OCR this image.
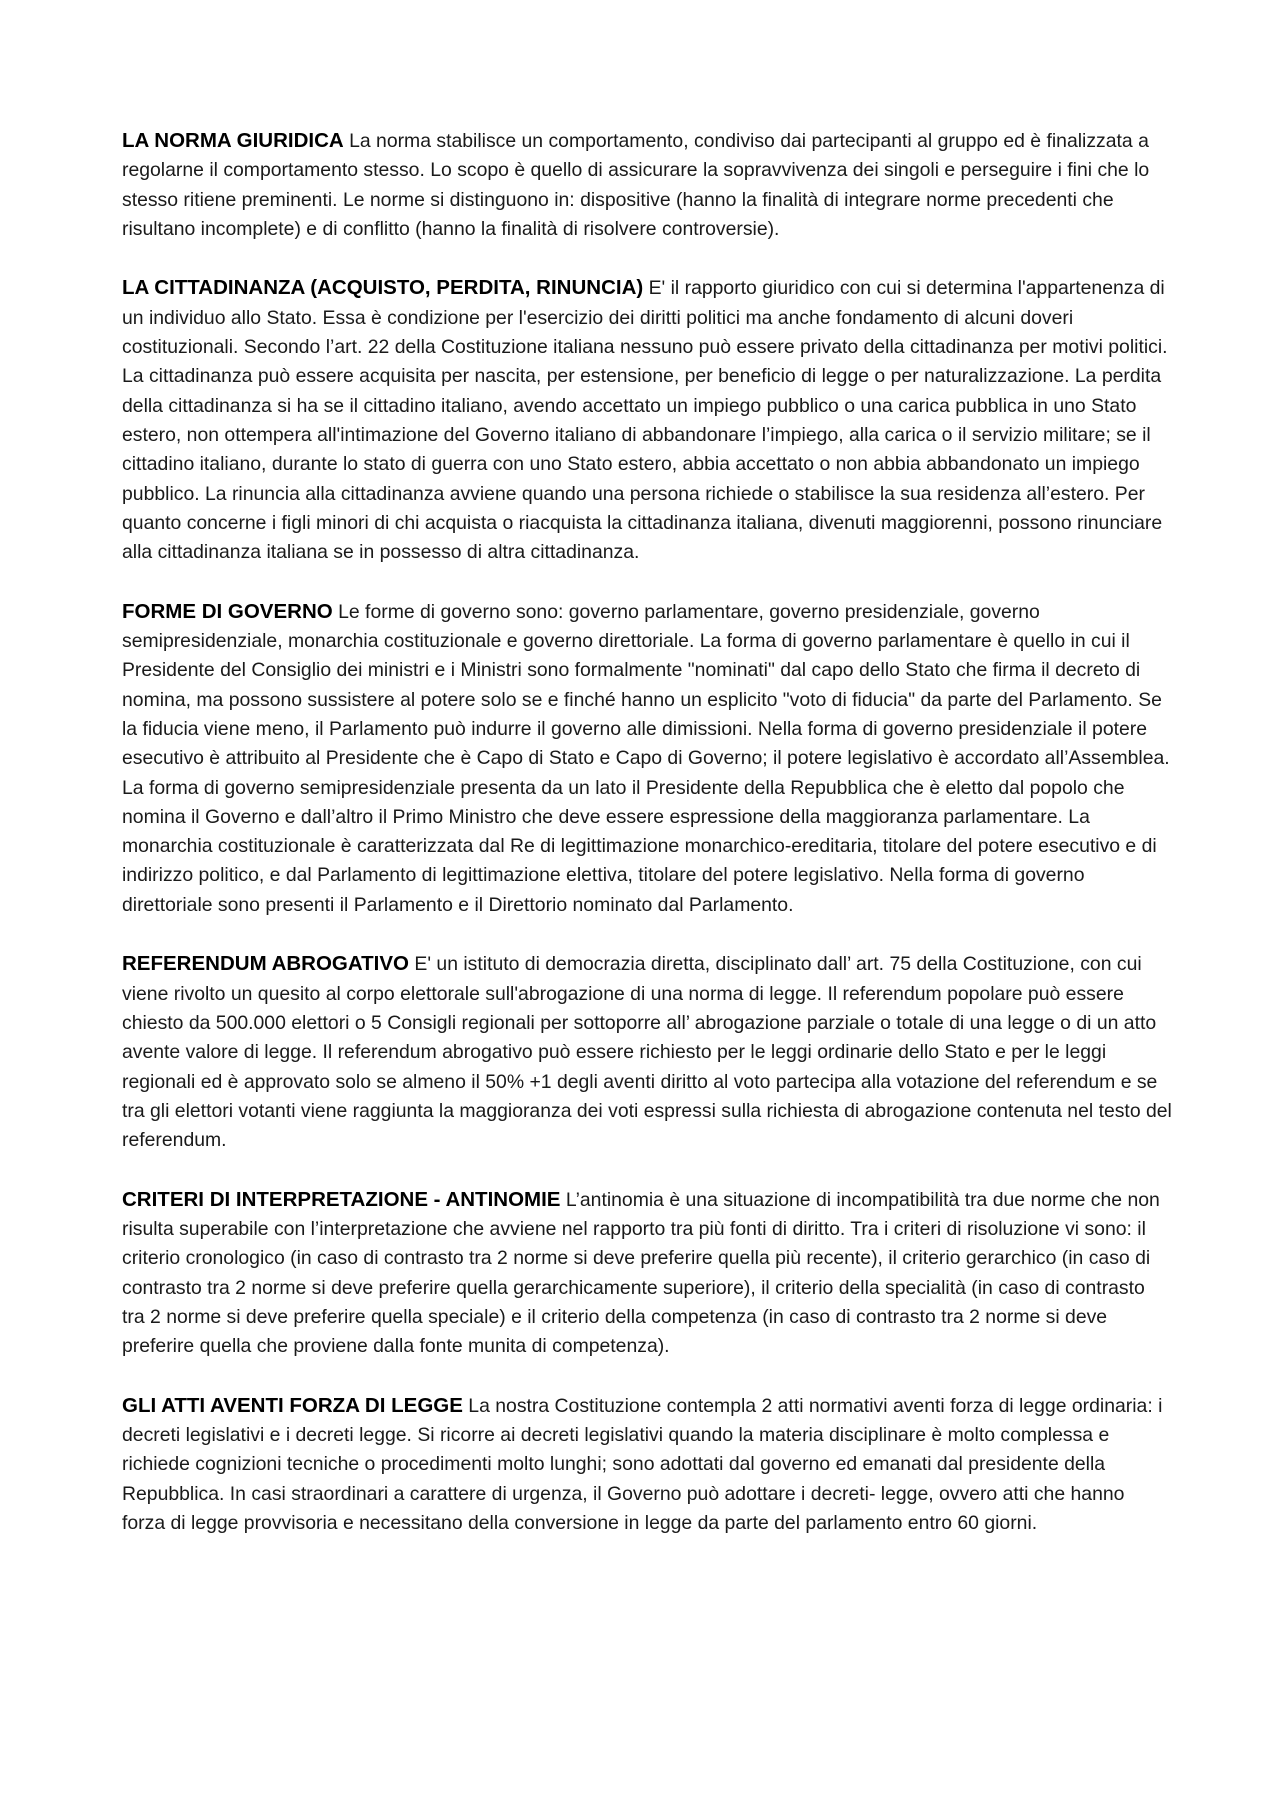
LA NORMA GIURIDICA La norma stabilisce un comportamento, condiviso dai partecipanti al gruppo ed è finalizzata a regolarne il comportamento stesso. Lo scopo è quello di assicurare la sopravvivenza dei singoli e perseguire i fini che lo stesso ritiene preminenti. Le norme si distinguono in: dispositive (hanno la finalità di integrare norme precedenti che risultano incomplete) e di conflitto (hanno la finalità di risolvere controversie).

LA CITTADINANZA (ACQUISTO, PERDITA, RINUNCIA) E' il rapporto giuridico con cui si determina l'appartenenza di un individuo allo Stato. Essa è condizione per l'esercizio dei diritti politici ma anche fondamento di alcuni doveri costituzionali. Secondo l’art. 22 della Costituzione italiana nessuno può essere privato della cittadinanza per motivi politici. La cittadinanza può essere acquisita per nascita, per estensione, per beneficio di legge o per naturalizzazione. La perdita della cittadinanza si ha se il cittadino italiano, avendo accettato un impiego pubblico o una carica pubblica in uno Stato estero, non ottempera all'intimazione del Governo italiano di abbandonare l’impiego, alla carica o il servizio militare; se il cittadino italiano, durante lo stato di guerra con uno Stato estero, abbia accettato o non abbia abbandonato un impiego pubblico. La rinuncia alla cittadinanza avviene quando una persona richiede o stabilisce la sua residenza all’estero. Per quanto concerne i figli minori di chi acquista o riacquista la cittadinanza italiana, divenuti maggiorenni, possono rinunciare alla cittadinanza italiana se in possesso di altra cittadinanza.

FORME DI GOVERNO Le forme di governo sono: governo parlamentare, governo presidenziale, governo semipresidenziale, monarchia costituzionale e governo direttoriale. La forma di governo parlamentare è quello in cui il Presidente del Consiglio dei ministri e i Ministri sono formalmente "nominati" dal capo dello Stato che firma il decreto di nomina, ma possono sussistere al potere solo se e finché hanno un esplicito "voto di fiducia" da parte del Parlamento. Se la fiducia viene meno, il Parlamento può indurre il governo alle dimissioni. Nella forma di governo presidenziale il potere esecutivo è attribuito al Presidente che è Capo di Stato e Capo di Governo; il potere legislativo è accordato all’Assemblea. La forma di governo semipresidenziale presenta da un lato il Presidente della Repubblica che è eletto dal popolo che nomina il Governo e dall’altro il Primo Ministro che deve essere espressione della maggioranza parlamentare. La monarchia costituzionale è caratterizzata dal Re di legittimazione monarchico-ereditaria, titolare del potere esecutivo e di indirizzo politico, e dal Parlamento di legittimazione elettiva, titolare del potere legislativo. Nella forma di governo direttoriale sono presenti il Parlamento e il Direttorio nominato dal Parlamento.

REFERENDUM ABROGATIVO E' un istituto di democrazia diretta, disciplinato dall’ art. 75 della Costituzione, con cui viene rivolto un quesito al corpo elettorale sull'abrogazione di una norma di legge. Il referendum popolare può essere chiesto da 500.000 elettori o 5 Consigli regionali per sottoporre all’ abrogazione parziale o totale di una legge o di un atto avente valore di legge. Il referendum abrogativo può essere richiesto per le leggi ordinarie dello Stato e per le leggi regionali ed è approvato solo se almeno il 50% +1 degli aventi diritto al voto partecipa alla votazione del referendum e se tra gli elettori votanti viene raggiunta la maggioranza dei voti espressi sulla richiesta di abrogazione contenuta nel testo del referendum.

CRITERI DI INTERPRETAZIONE - ANTINOMIE L’antinomia è una situazione di incompatibilità tra due norme che non risulta superabile con l’interpretazione che avviene nel rapporto tra più fonti di diritto. Tra i criteri di risoluzione vi sono: il criterio cronologico (in caso di contrasto tra 2 norme si deve preferire quella più recente), il criterio gerarchico (in caso di contrasto tra 2 norme si deve preferire quella gerarchicamente superiore), il criterio della specialità (in caso di contrasto tra 2 norme si deve preferire quella speciale) e il criterio della competenza (in caso di contrasto tra 2 norme si deve preferire quella che proviene dalla fonte munita di competenza).

GLI ATTI AVENTI FORZA DI LEGGE La nostra Costituzione contempla 2 atti normativi aventi forza di legge ordinaria: i decreti legislativi e i decreti legge. Si ricorre ai decreti legislativi quando la materia disciplinare è molto complessa e richiede cognizioni tecniche o procedimenti molto lunghi; sono adottati dal governo ed emanati dal presidente della Repubblica. In casi straordinari a carattere di urgenza, il Governo può adottare i decreti- legge, ovvero atti che hanno forza di legge provvisoria e necessitano della conversione in legge da parte del parlamento entro 60 giorni.
